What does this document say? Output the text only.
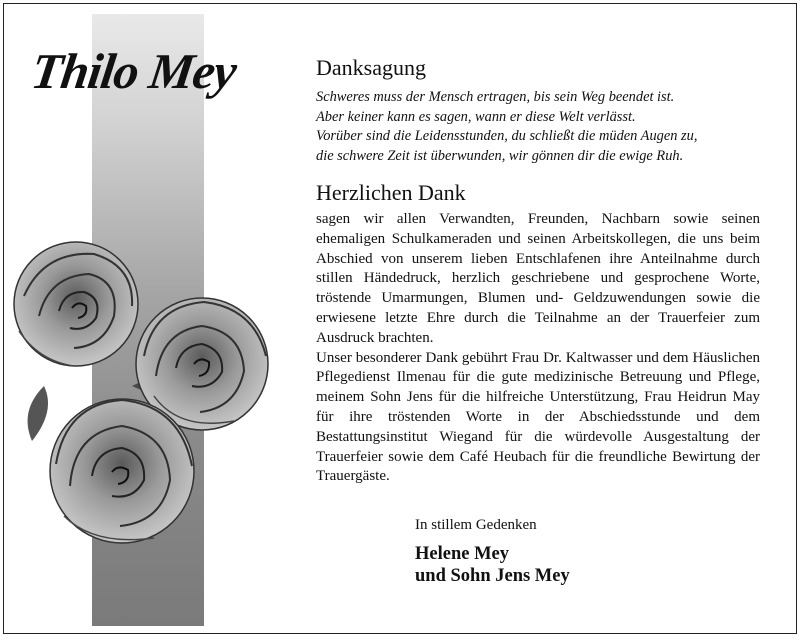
Thilo Mey	Danksagung
Schweres muss der Mensch ertragen, bis sein Weg beendet ist.
Aber keiner kann es sagen, wann er diese Welt verlässt.
Vorüber sind die Leidensstunden, du schließt die müden Augen zu,
die schwere Zeit ist überwunden, wir gönnen dir die ewige Ruh.
Herzlichen Dank

sagen wir allen Verwandten, Freunden, Nachbarn sowie seinen ehemaligen Schulkameraden und seinen Arbeitskollegen, die uns beim Abschied von unserem lieben Entschlafenen ihre Anteilnahme durch stillen Händedruck, herzlich geschriebene und gesprochene Worte, tröstende Umarmungen, Blumen und- Geldzuwendungen sowie die erwiesene letzte Ehre durch die Teilnahme an der Trauerfeier zum Ausdruck brachten.

Unser besonderer Dank gebührt Frau Dr. Kaltwasser und dem Häuslichen Pflegedienst Ilmenau für die gute medizinische Betreuung und Pflege, meinem Sohn Jens für die hilfreiche Unterstützung, Frau Heidrun May für ihre tröstenden Worte in der Abschiedsstunde und dem Bestattungsinstitut Wiegand für die würdevolle Ausgestaltung der Trauerfeier sowie dem Café Heubach für die freundliche Bewirtung der Trauergäste.

In stillem Gedenken
Helene Mey
und Sohn Jens Mey
